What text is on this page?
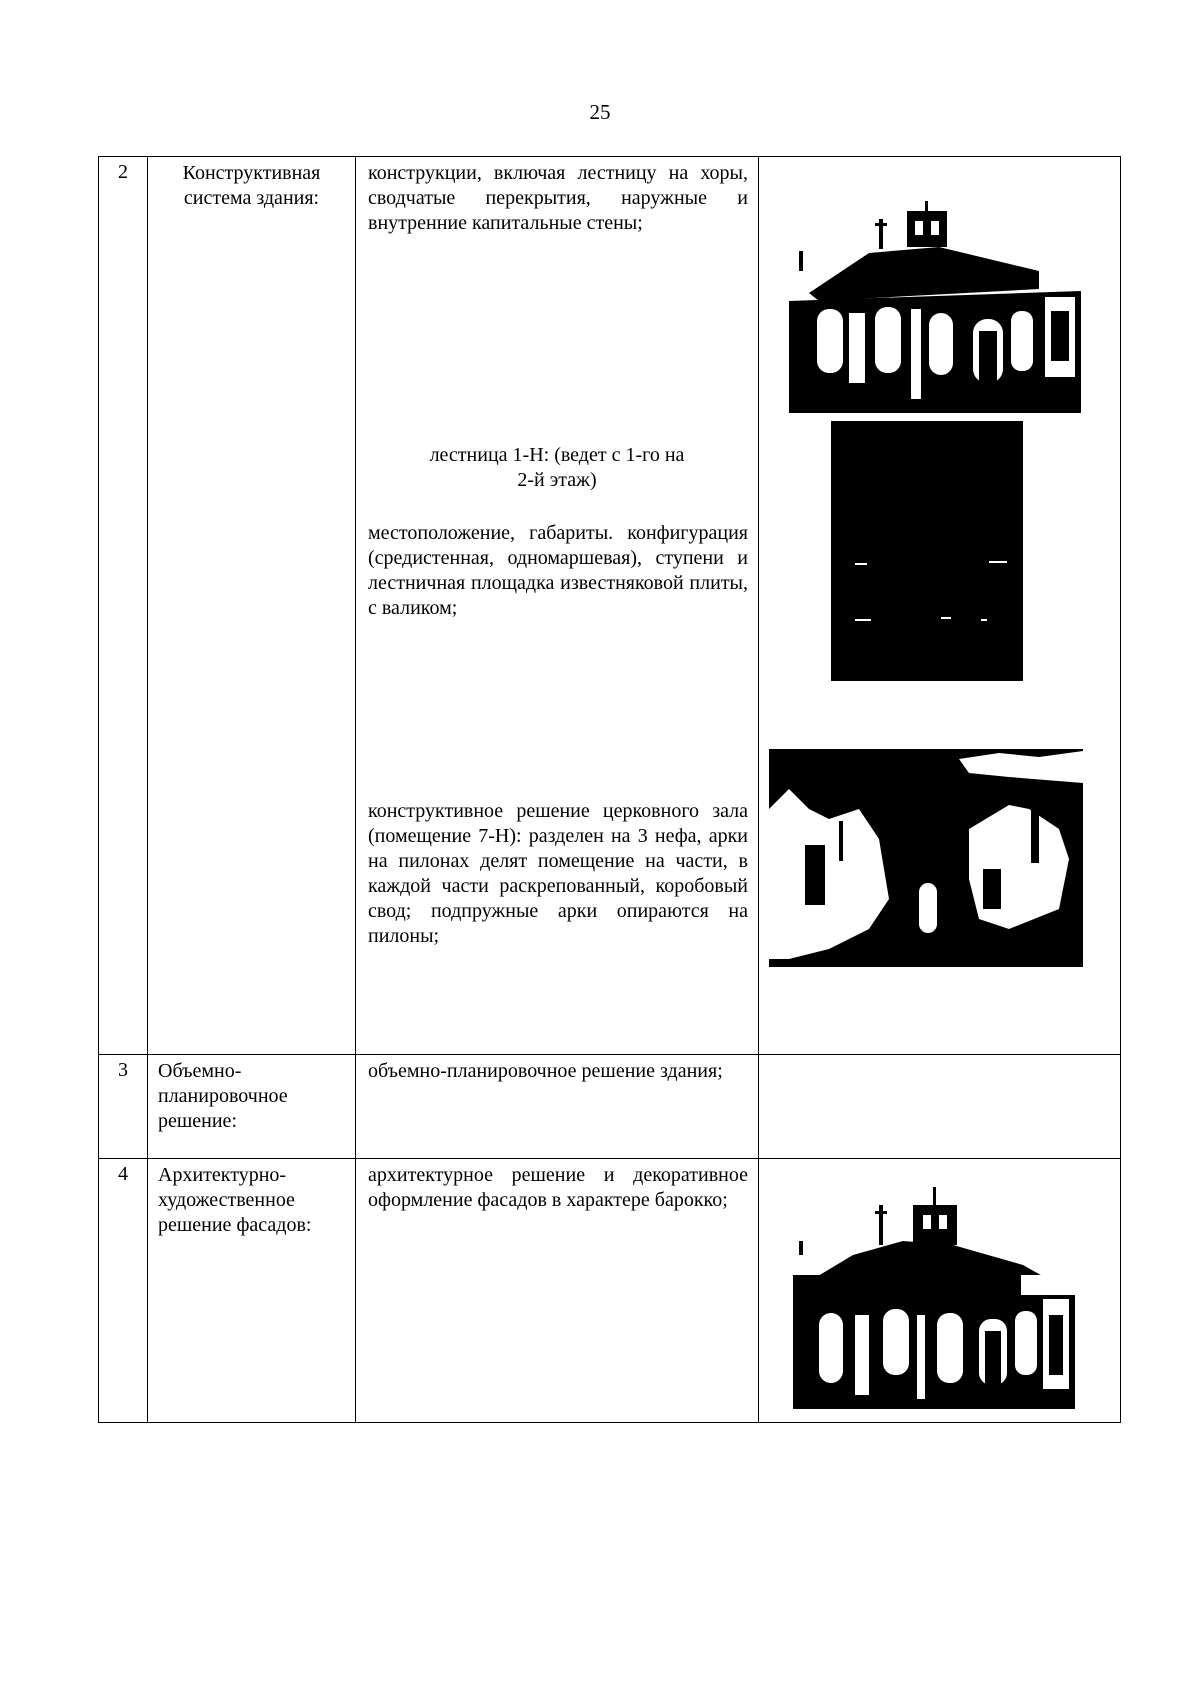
25
2	Конструктивная система здания:	конструкции, включая лестницу на хоры, сводчатые перекрытия, наружные и внутренние капитальные стены;
лестница 1-Н: (ведет с 1-го на 2-й этаж)
местоположение, габариты. конфигурация (средистенная, одномаршевая), ступени и лестничная площадка известняковой плиты, с валиком;
конструктивное решение церковного зала (помещение 7-Н): разделен на 3 нефа, арки на пилонах делят помещение на части, в каждой части раскрепованный, коробовый свод; подпружные арки опираются на пилоны;

3	Объемно-планировочное решение:	объемно-планировочное решение здания;	

4	Архитектурно-художественное решение фасадов:	архитектурное решение и декоративное оформление фасадов в характере барокко;
